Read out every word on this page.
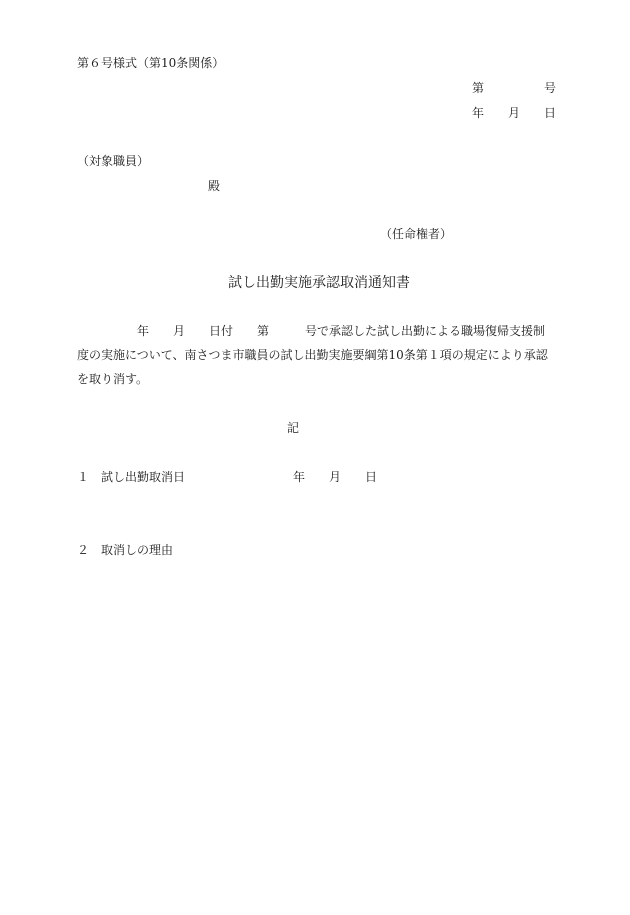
第６号様式（第10条関係）
第	号
年 月 日
（対象職員）
殿
（任命権者）
試し出勤実施承認取消通知書
年 月 日付 第	号で承認した試し出勤による職場復帰支援制
度の実施について、南さつま市職員の試し出勤実施要綱第10条第１項の規定により承認
を取り消す。
記
１ 試し出勤取消日	年 月 日
２ 取消しの理由
